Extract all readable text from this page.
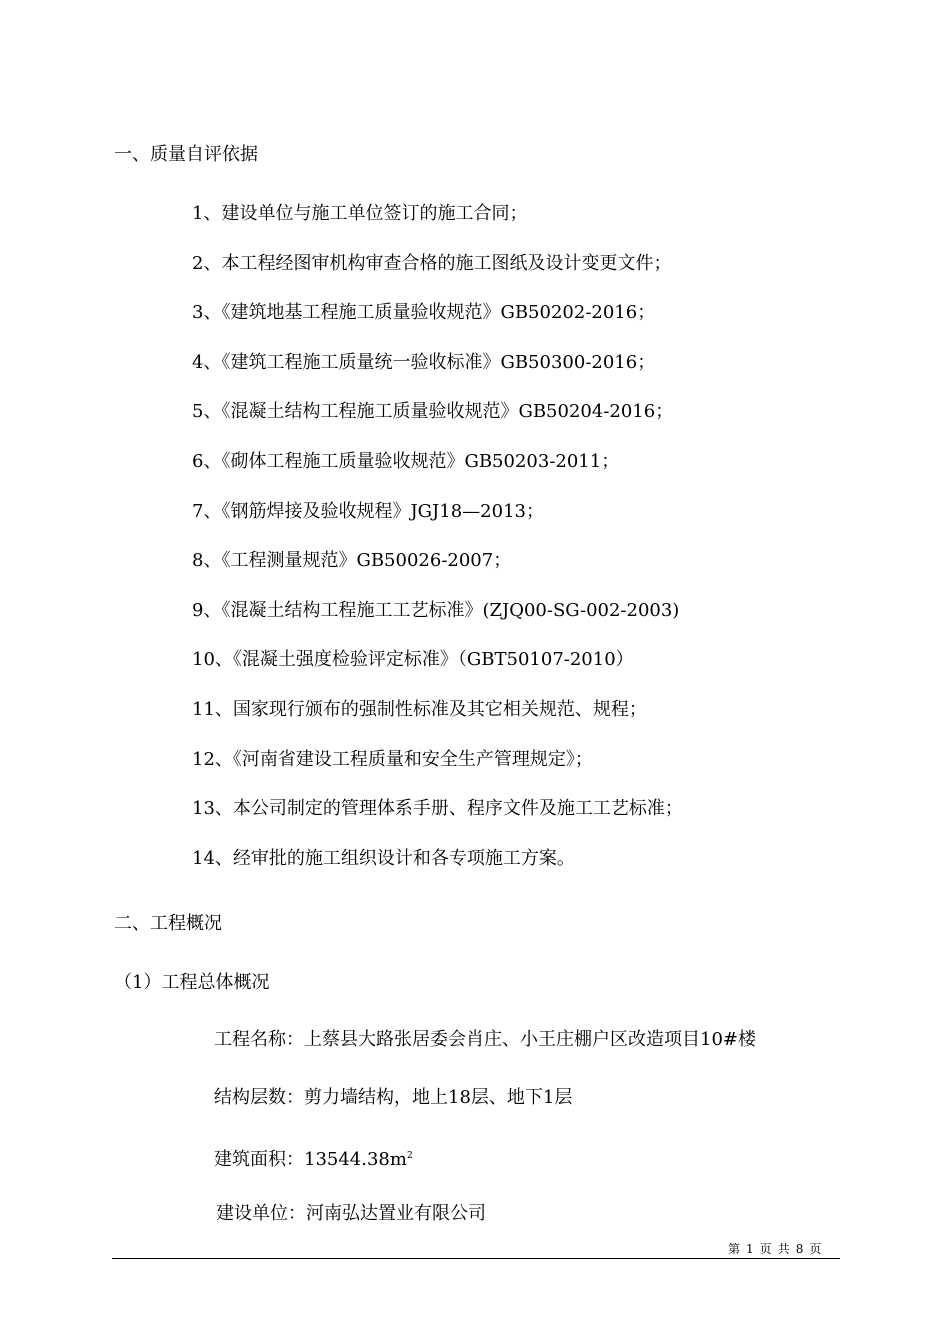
一、质量自评依据
1、建设单位与施工单位签订的施工合同；
2、本工程经图审机构审查合格的施工图纸及设计变更文件；
3、《建筑地基工程施工质量验收规范》GB50202-2016；
4、《建筑工程施工质量统一验收标准》GB50300-2016；
5、《混凝土结构工程施工质量验收规范》GB50204-2016；
6、《砌体工程施工质量验收规范》GB50203-2011；
7、《钢筋焊接及验收规程》JGJ18—2013；
8、《工程测量规范》GB50026-2007；
9、《混凝土结构工程施工工艺标准》(ZJQ00-SG-002-2003)
10、《混凝土强度检验评定标准》（GBT50107-2010）
11、国家现行颁布的强制性标准及其它相关规范、规程；
12、《河南省建设工程质量和安全生产管理规定》；
13、本公司制定的管理体系手册、程序文件及施工工艺标准；
14、经审批的施工组织设计和各专项施工方案。
二、工程概况
（1）工程总体概况
工程名称：上蔡县大路张居委会肖庄、小王庄棚户区改造项目10#楼
结构层数：剪力墙结构，地上18层、地下1层
建筑面积：$13544.38m^2$
建设单位：河南弘达置业有限公司
第 1 页 共 8 页
